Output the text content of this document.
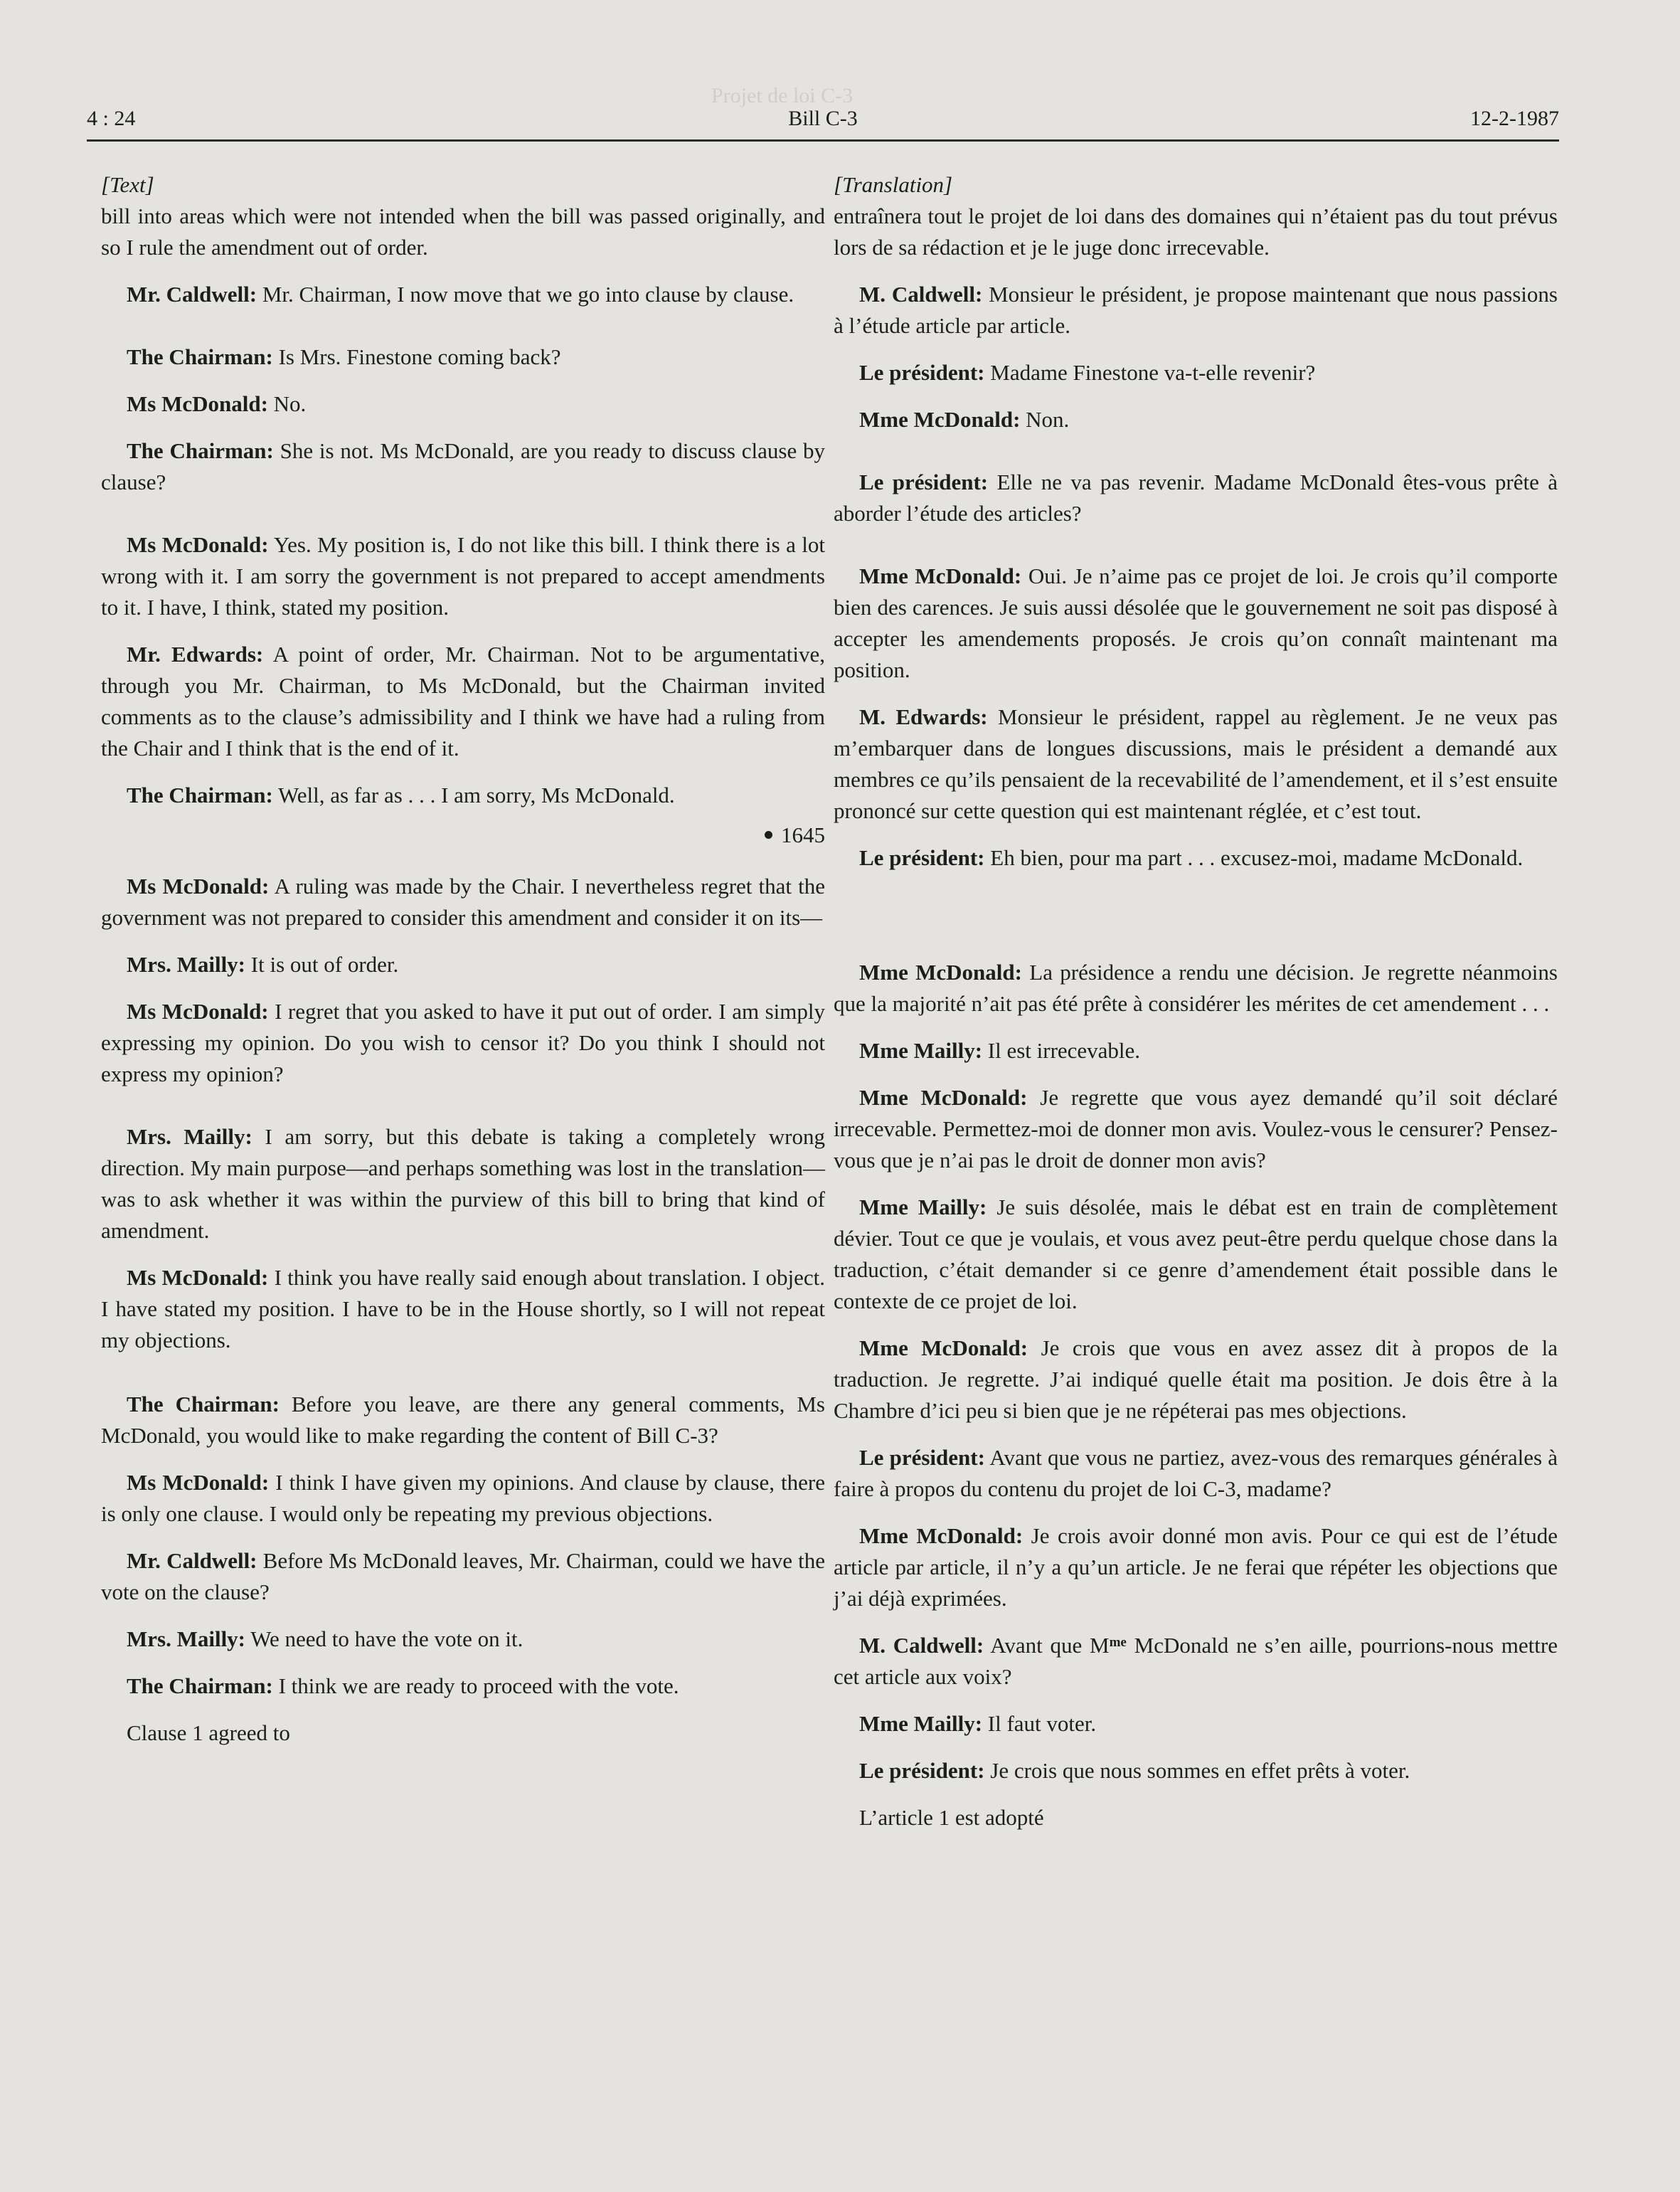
4 : 24	Bill C-3	12-2-1987
Projet de loi C-3

[Text]

bill into areas which were not intended when the bill was passed originally, and so I rule the amendment out of order.

Mr. Caldwell: Mr. Chairman, I now move that we go into clause by clause.

The Chairman: Is Mrs. Finestone coming back?

Ms McDonald: No.

The Chairman: She is not. Ms McDonald, are you ready to discuss clause by clause?

Ms McDonald: Yes. My position is, I do not like this bill. I think there is a lot wrong with it. I am sorry the government is not prepared to accept amendments to it. I have, I think, stated my position.

Mr. Edwards: A point of order, Mr. Chairman. Not to be argumentative, through you Mr. Chairman, to Ms McDonald, but the Chairman invited comments as to the clause’s admissibility and I think we have had a ruling from the Chair and I think that is the end of it.

The Chairman: Well, as far as . . . I am sorry, Ms McDonald.

1645

Ms McDonald: A ruling was made by the Chair. I nevertheless regret that the government was not prepared to consider this amendment and consider it on its—

Mrs. Mailly: It is out of order.

Ms McDonald: I regret that you asked to have it put out of order. I am simply expressing my opinion. Do you wish to censor it? Do you think I should not express my opinion?

Mrs. Mailly: I am sorry, but this debate is taking a completely wrong direction. My main purpose—and perhaps something was lost in the translation—was to ask whether it was within the purview of this bill to bring that kind of amendment.

Ms McDonald: I think you have really said enough about translation. I object. I have stated my position. I have to be in the House shortly, so I will not repeat my objections.

The Chairman: Before you leave, are there any general comments, Ms McDonald, you would like to make regarding the content of Bill C-3?

Ms McDonald: I think I have given my opinions. And clause by clause, there is only one clause. I would only be repeating my previous objections.

Mr. Caldwell: Before Ms McDonald leaves, Mr. Chairman, could we have the vote on the clause?

Mrs. Mailly: We need to have the vote on it.

The Chairman: I think we are ready to proceed with the vote.

Clause 1 agreed to

[Translation]

entraînera tout le projet de loi dans des domaines qui n’étaient pas du tout prévus lors de sa rédaction et je le juge donc irrecevable.

M. Caldwell: Monsieur le président, je propose maintenant que nous passions à l’étude article par article.

Le président: Madame Finestone va-t-elle revenir?

Mme McDonald: Non.

Le président: Elle ne va pas revenir. Madame McDonald êtes-vous prête à aborder l’étude des articles?

Mme McDonald: Oui. Je n’aime pas ce projet de loi. Je crois qu’il comporte bien des carences. Je suis aussi désolée que le gouvernement ne soit pas disposé à accepter les amendements proposés. Je crois qu’on connaît maintenant ma position.

M. Edwards: Monsieur le président, rappel au règlement. Je ne veux pas m’embarquer dans de longues discussions, mais le président a demandé aux membres ce qu’ils pensaient de la recevabilité de l’amendement, et il s’est ensuite prononcé sur cette question qui est maintenant réglée, et c’est tout.

Le président: Eh bien, pour ma part . . . excusez-moi, madame McDonald.

Mme McDonald: La présidence a rendu une décision. Je regrette néanmoins que la majorité n’ait pas été prête à considérer les mérites de cet amendement . . .

Mme Mailly: Il est irrecevable.

Mme McDonald: Je regrette que vous ayez demandé qu’il soit déclaré irrecevable. Permettez-moi de donner mon avis. Voulez-vous le censurer? Pensez-vous que je n’ai pas le droit de donner mon avis?

Mme Mailly: Je suis désolée, mais le débat est en train de complètement dévier. Tout ce que je voulais, et vous avez peut-être perdu quelque chose dans la traduction, c’était demander si ce genre d’amendement était possible dans le contexte de ce projet de loi.

Mme McDonald: Je crois que vous en avez assez dit à propos de la traduction. Je regrette. J’ai indiqué quelle était ma position. Je dois être à la Chambre d’ici peu si bien que je ne répéterai pas mes objections.

Le président: Avant que vous ne partiez, avez-vous des remarques générales à faire à propos du contenu du projet de loi C-3, madame?

Mme McDonald: Je crois avoir donné mon avis. Pour ce qui est de l’étude article par article, il n’y a qu’un article. Je ne ferai que répéter les objections que j’ai déjà exprimées.

M. Caldwell: Avant que $M^{me}$ McDonald ne s’en aille, pourrions-nous mettre cet article aux voix?

Mme Mailly: Il faut voter.

Le président: Je crois que nous sommes en effet prêts à voter.

L’article 1 est adopté
